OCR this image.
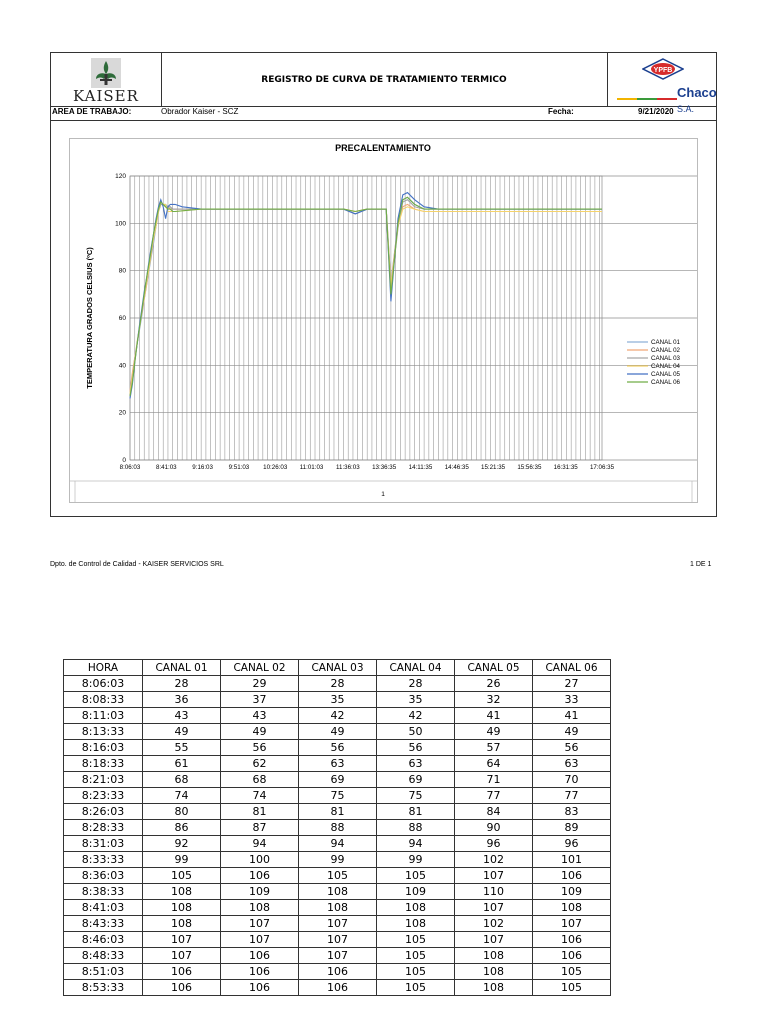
KAISER
REGISTRO DE CURVA DE TRATAMIENTO TERMICO
YPFB
Chaco S.A.
AREA DE TRABAJO:	Obrador Kaiser - SCZ	Fecha:	9/21/2020
PRECALENTAMIENTO
0
20
40
60
80
100
120
TEMPERATURA GRADOS CELSIUS (ºC)
8:06:03	8:41:03	9:16:03	9:51:03 10:26:03 11:01:03 11:36:03 13:36:35 14:11:35 14:46:35 15:21:35 15:56:35 16:31:35 17:06:35
1
CANAL 01
CANAL 02
CANAL 03
CANAL 04
CANAL 05
CANAL 06
Dpto. de Control de Calidad - KAISER SERVICIOS SRL	1 DE 1
HORA	CANAL 01	CANAL 02	CANAL 03	CANAL 04	CANAL 05	CANAL 06
8:06:03	28	29	28	28	26	27
8:08:33	36	37	35	35	32	33
8:11:03	43	43	42	42	41	41
8:13:33	49	49	49	50	49	49
8:16:03	55	56	56	56	57	56
8:18:33	61	62	63	63	64	63
8:21:03	68	68	69	69	71	70
8:23:33	74	74	75	75	77	77
8:26:03	80	81	81	81	84	83
8:28:33	86	87	88	88	90	89
8:31:03	92	94	94	94	96	96
8:33:33	99	100	99	99	102	101
8:36:03	105	106	105	105	107	106
8:38:33	108	109	108	109	110	109
8:41:03	108	108	108	108	107	108
8:43:33	108	107	107	108	102	107
8:46:03	107	107	107	105	107	106
8:48:33	107	106	107	105	108	106
8:51:03	106	106	106	105	108	105
8:53:33	106	106	106	105	108	105
